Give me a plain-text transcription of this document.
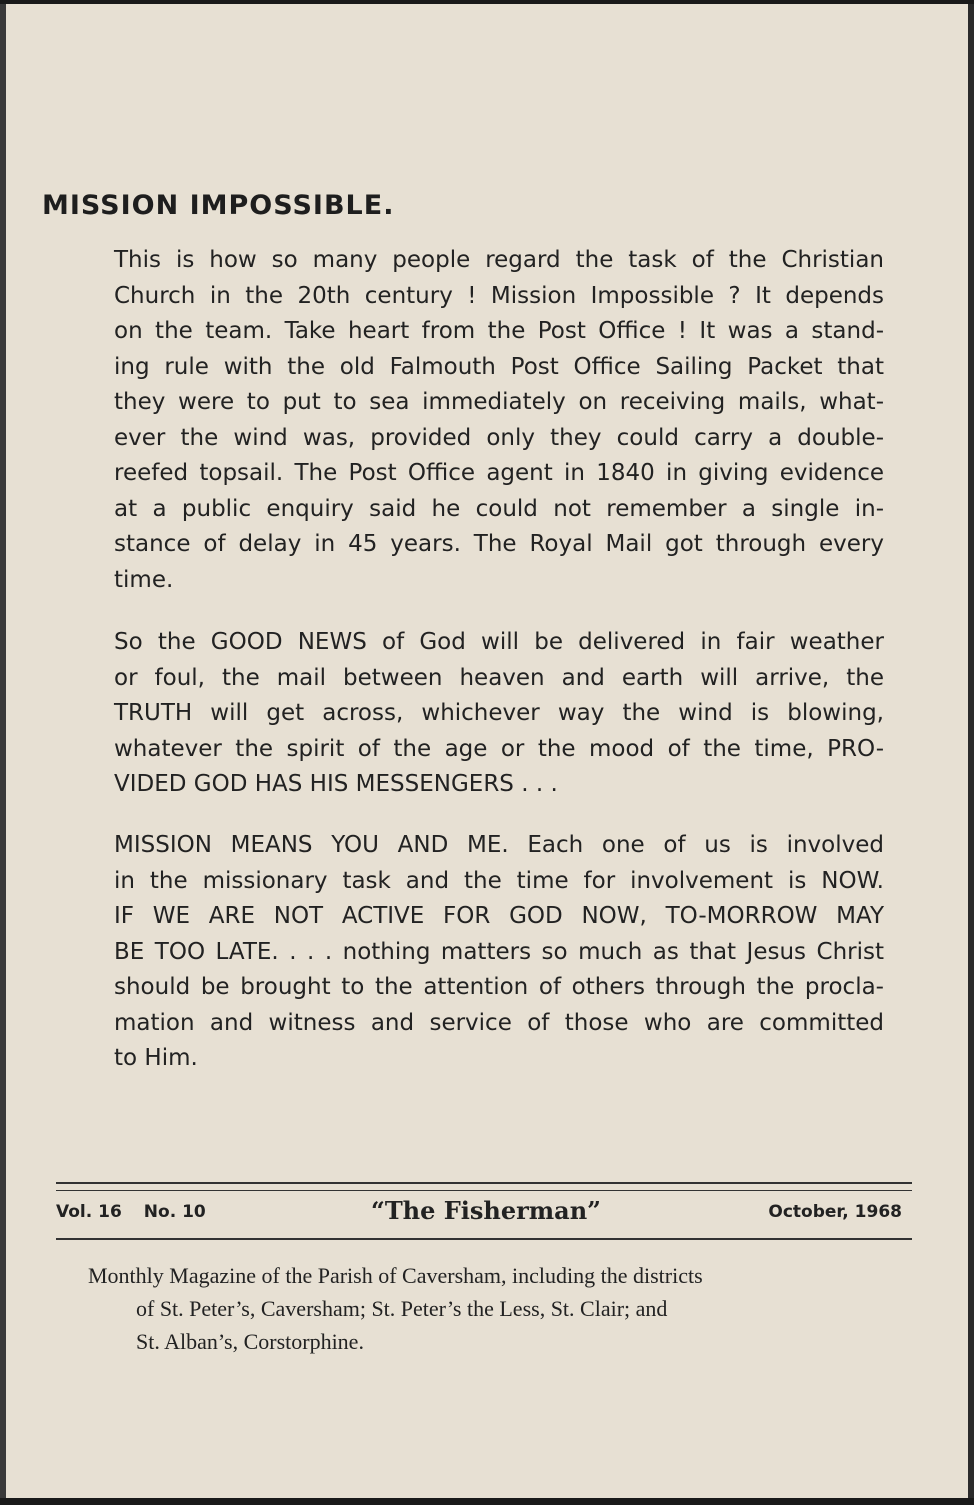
MISSION IMPOSSIBLE.
This is how so many people regard the task of the Christian
Church in the 20th century ! Mission Impossible ? It depends
on the team. Take heart from the Post Office ! It was a stand-
ing rule with the old Falmouth Post Office Sailing Packet that
they were to put to sea immediately on receiving mails, what-
ever the wind was, provided only they could carry a double-
reefed topsail. The Post Office agent in 1840 in giving evidence
at a public enquiry said he could not remember a single in-
stance of delay in 45 years. The Royal Mail got through every
time.
So the GOOD NEWS of God will be delivered in fair weather
or foul, the mail between heaven and earth will arrive, the
TRUTH will get across, whichever way the wind is blowing,
whatever the spirit of the age or the mood of the time, PRO-
VIDED GOD HAS HIS MESSENGERS . . .
MISSION MEANS YOU AND ME. Each one of us is involved
in the missionary task and the time for involvement is NOW.
IF WE ARE NOT ACTIVE FOR GOD NOW, TO-MORROW MAY
BE TOO LATE. . . . nothing matters so much as that Jesus Christ
should be brought to the attention of others through the procla-
mation and witness and service of those who are committed
to Him.
Vol. 16 No. 10	“The Fisherman”	October, 1968
Monthly Magazine of the Parish of Caversham, including the districts
of St. Peter’s, Caversham; St. Peter’s the Less, St. Clair; and
St. Alban’s, Corstorphine.
